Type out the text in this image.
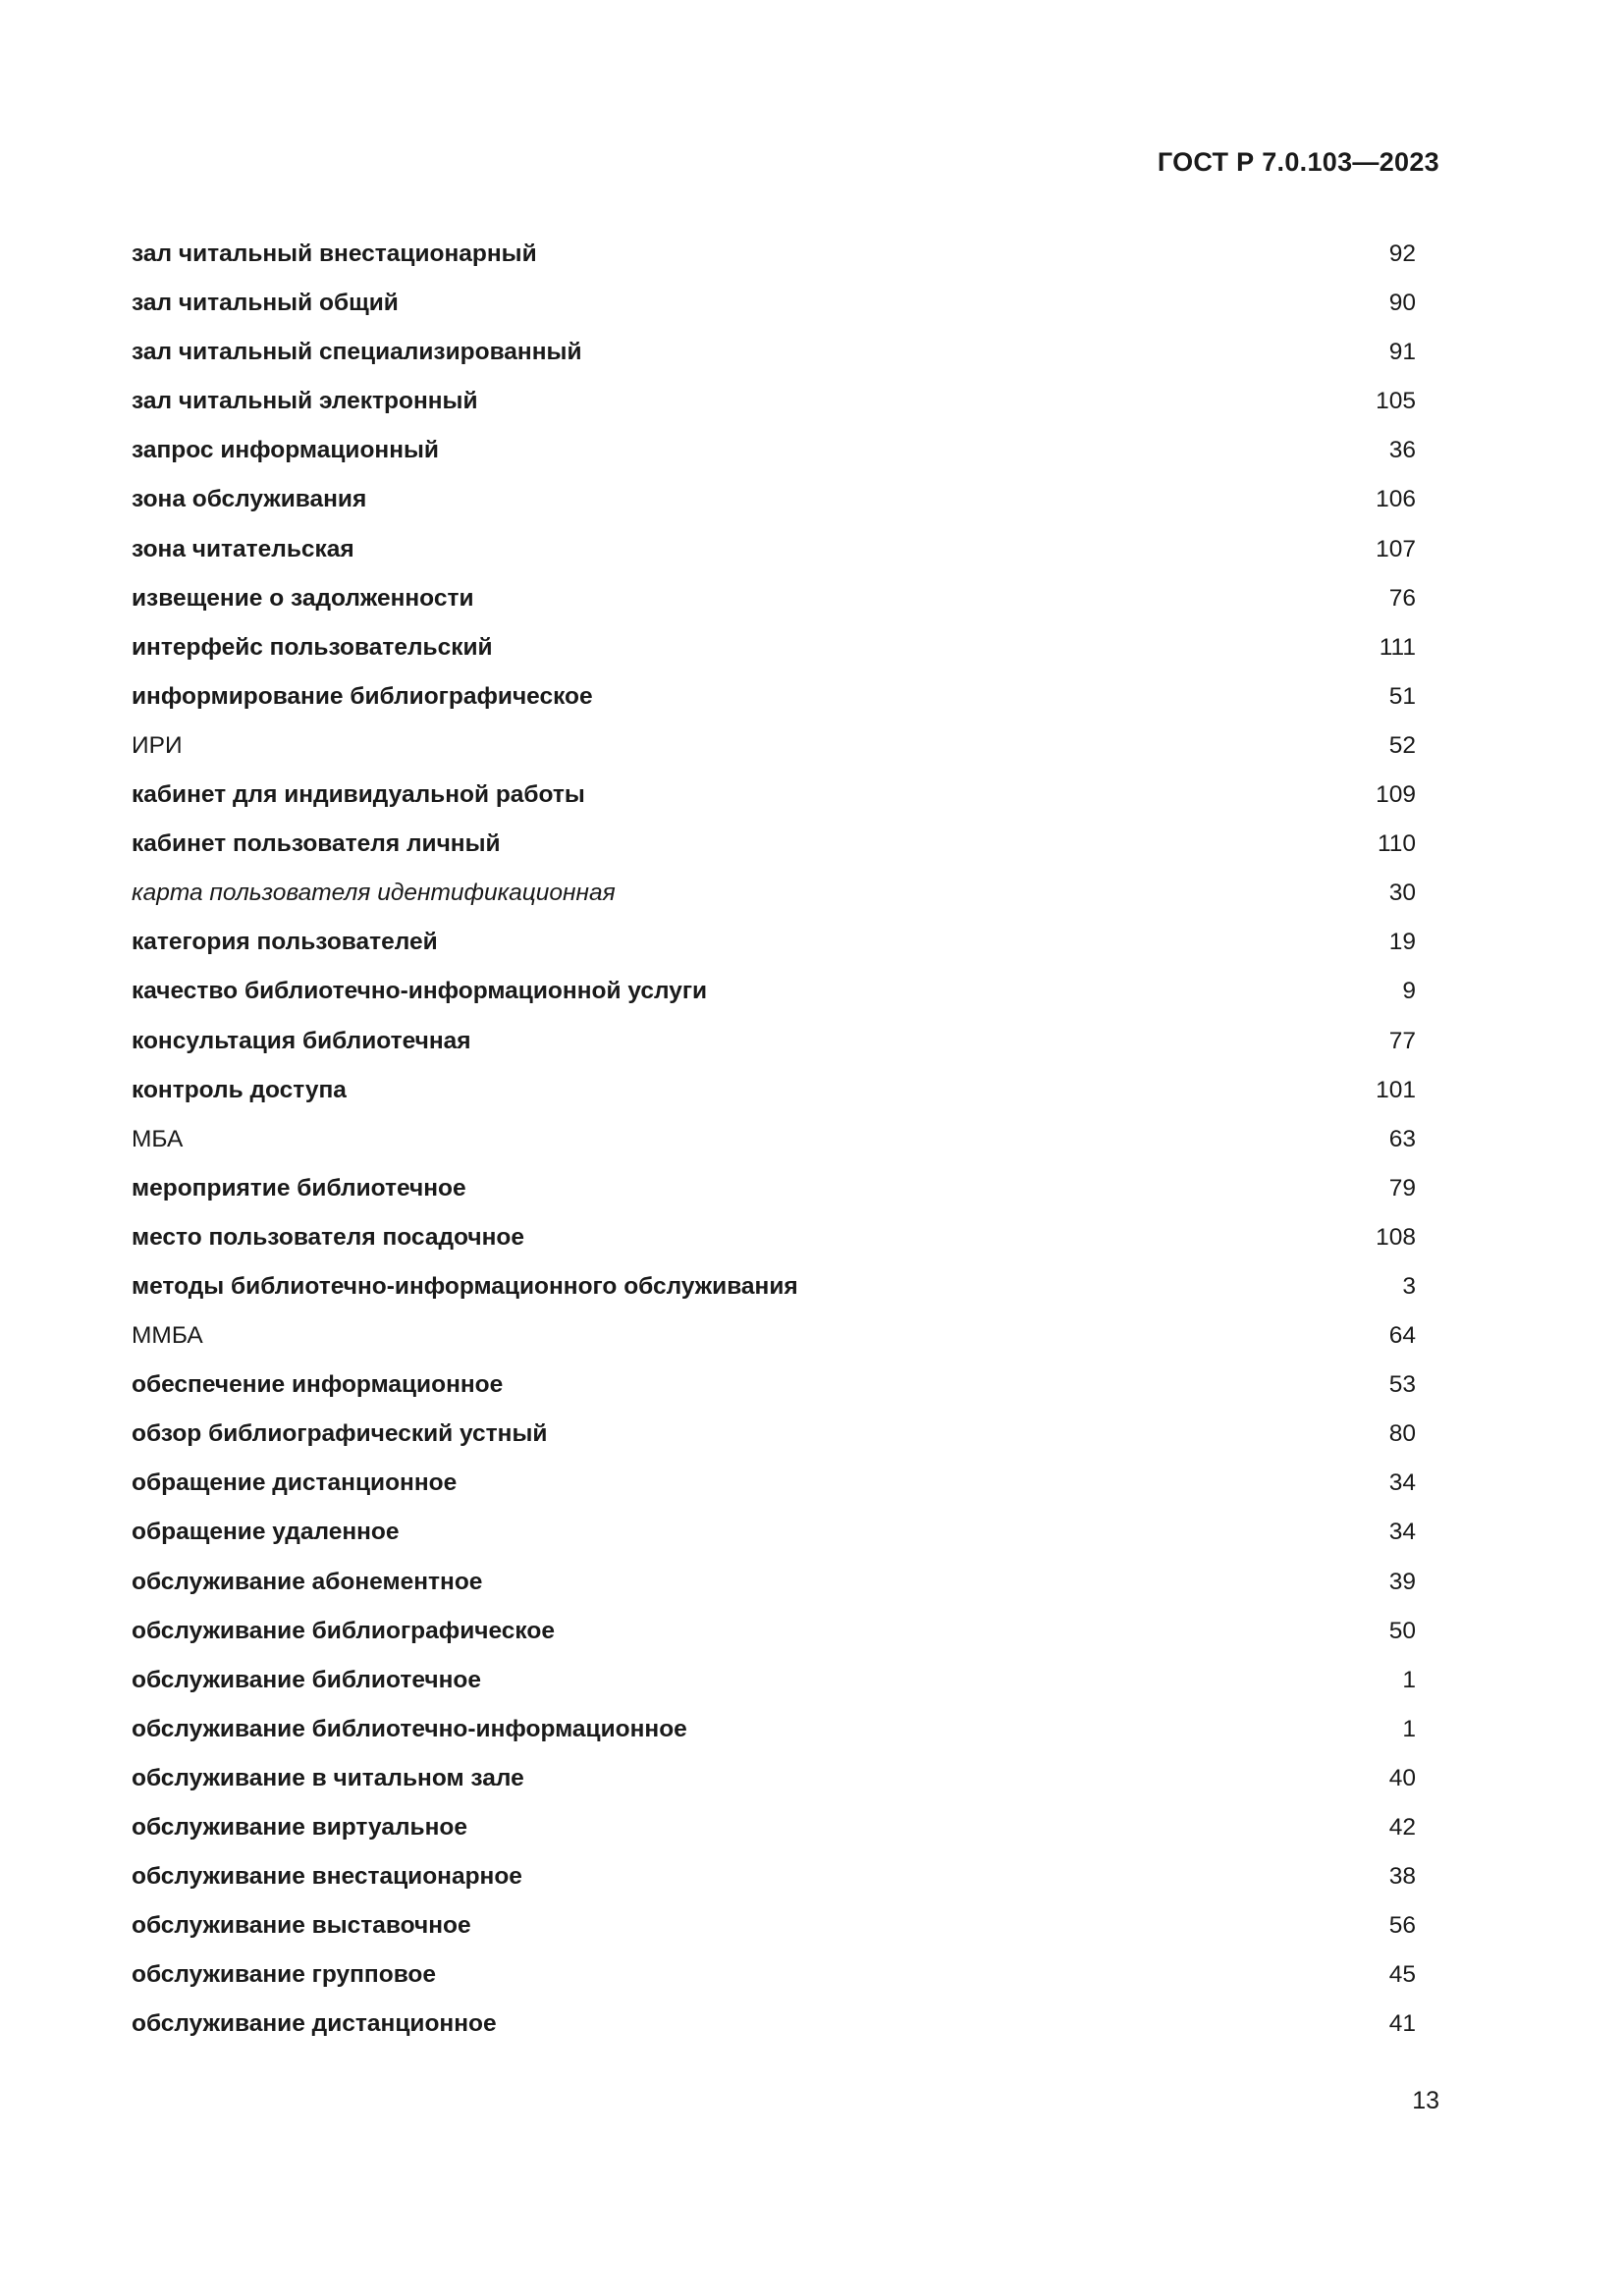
ГОСТ Р 7.0.103—2023
зал читальный внестационарный	92
зал читальный общий	90
зал читальный специализированный	91
зал читальный электронный	105
запрос информационный	36
зона обслуживания	106
зона читательская	107
извещение о задолженности	76
интерфейс пользовательский	111
информирование библиографическое	51
ИРИ	52
кабинет для индивидуальной работы	109
кабинет пользователя личный	110
карта пользователя идентификационная	30
категория пользователей	19
качество библиотечно-информационной услуги	9
консультация библиотечная	77
контроль доступа	101
МБА	63
мероприятие библиотечное	79
место пользователя посадочное	108
методы библиотечно-информационного обслуживания	3
ММБА	64
обеспечение информационное	53
обзор библиографический устный	80
обращение дистанционное	34
обращение удаленное	34
обслуживание абонементное	39
обслуживание библиографическое	50
обслуживание библиотечное	1
обслуживание библиотечно-информационное	1
обслуживание в читальном зале	40
обслуживание виртуальное	42
обслуживание внестационарное	38
обслуживание выставочное	56
обслуживание групповое	45
обслуживание дистанционное	41
13
